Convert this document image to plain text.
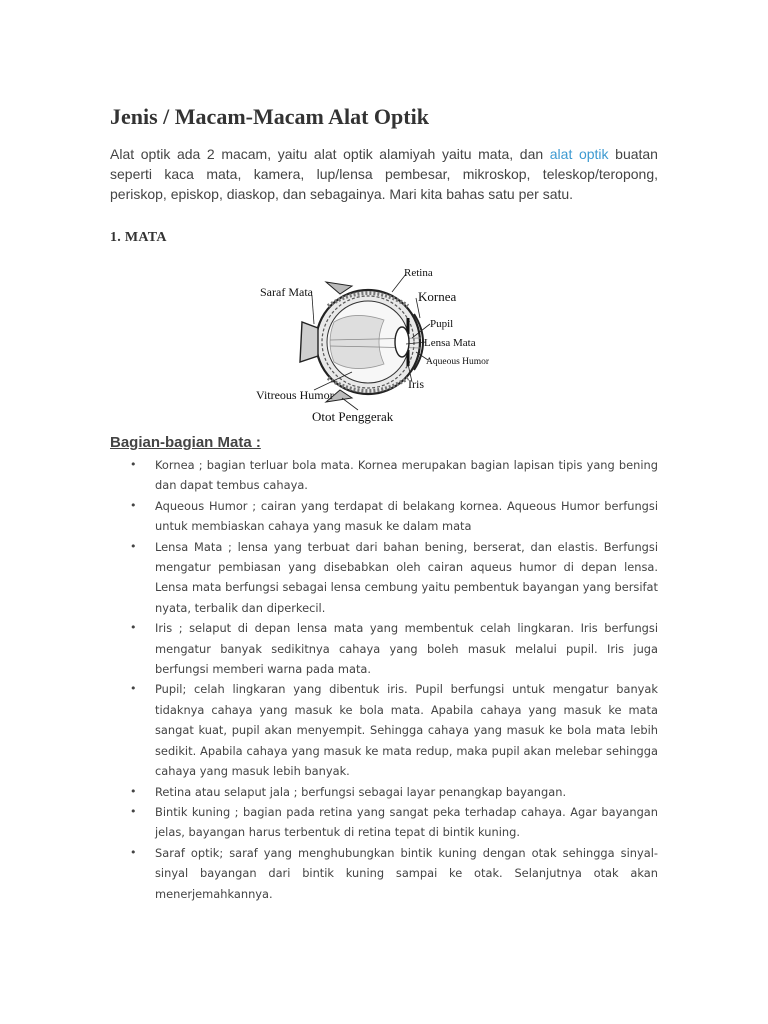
Jenis / Macam-Macam Alat Optik

Alat optik ada 2 macam, yaitu alat optik alamiyah yaitu mata, dan alat optik buatan seperti kaca mata, kamera, lup/lensa pembesar, mikroskop, teleskop/teropong, periskop, episkop, diaskop, dan sebagainya. Mari kita bahas satu per satu.

1. MATA
Retina
Saraf Mata	Kornea
Pupil
Lensa Mata
Aqueous Humor
Iris
Vitreous Humor
Otot Penggerak
Bagian-bagian Mata :
• Kornea ; bagian terluar bola mata. Kornea merupakan bagian lapisan tipis yang bening dan dapat tembus cahaya.
• Aqueous Humor ; cairan yang terdapat di belakang kornea. Aqueous Humor berfungsi untuk membiaskan cahaya yang masuk ke dalam mata
• Lensa Mata ; lensa yang terbuat dari bahan bening, berserat, dan elastis. Berfungsi mengatur pembiasan yang disebabkan oleh cairan aqueus humor di depan lensa. Lensa mata berfungsi sebagai lensa cembung yaitu pembentuk bayangan yang bersifat nyata, terbalik dan diperkecil.
• Iris ; selaput di depan lensa mata yang membentuk celah lingkaran. Iris berfungsi mengatur banyak sedikitnya cahaya yang boleh masuk melalui pupil. Iris juga berfungsi memberi warna pada mata.
• Pupil; celah lingkaran yang dibentuk iris. Pupil berfungsi untuk mengatur banyak tidaknya cahaya yang masuk ke bola mata. Apabila cahaya yang masuk ke mata sangat kuat, pupil akan menyempit. Sehingga cahaya yang masuk ke bola mata lebih sedikit. Apabila cahaya yang masuk ke mata redup, maka pupil akan melebar sehingga cahaya yang masuk lebih banyak.
• Retina atau selaput jala ; berfungsi sebagai layar penangkap bayangan.
• Bintik kuning ; bagian pada retina yang sangat peka terhadap cahaya. Agar bayangan jelas, bayangan harus terbentuk di retina tepat di bintik kuning.
• Saraf optik; saraf yang menghubungkan bintik kuning dengan otak sehingga sinyal-sinyal bayangan dari bintik kuning sampai ke otak. Selanjutnya otak akan menerjemahkannya.
